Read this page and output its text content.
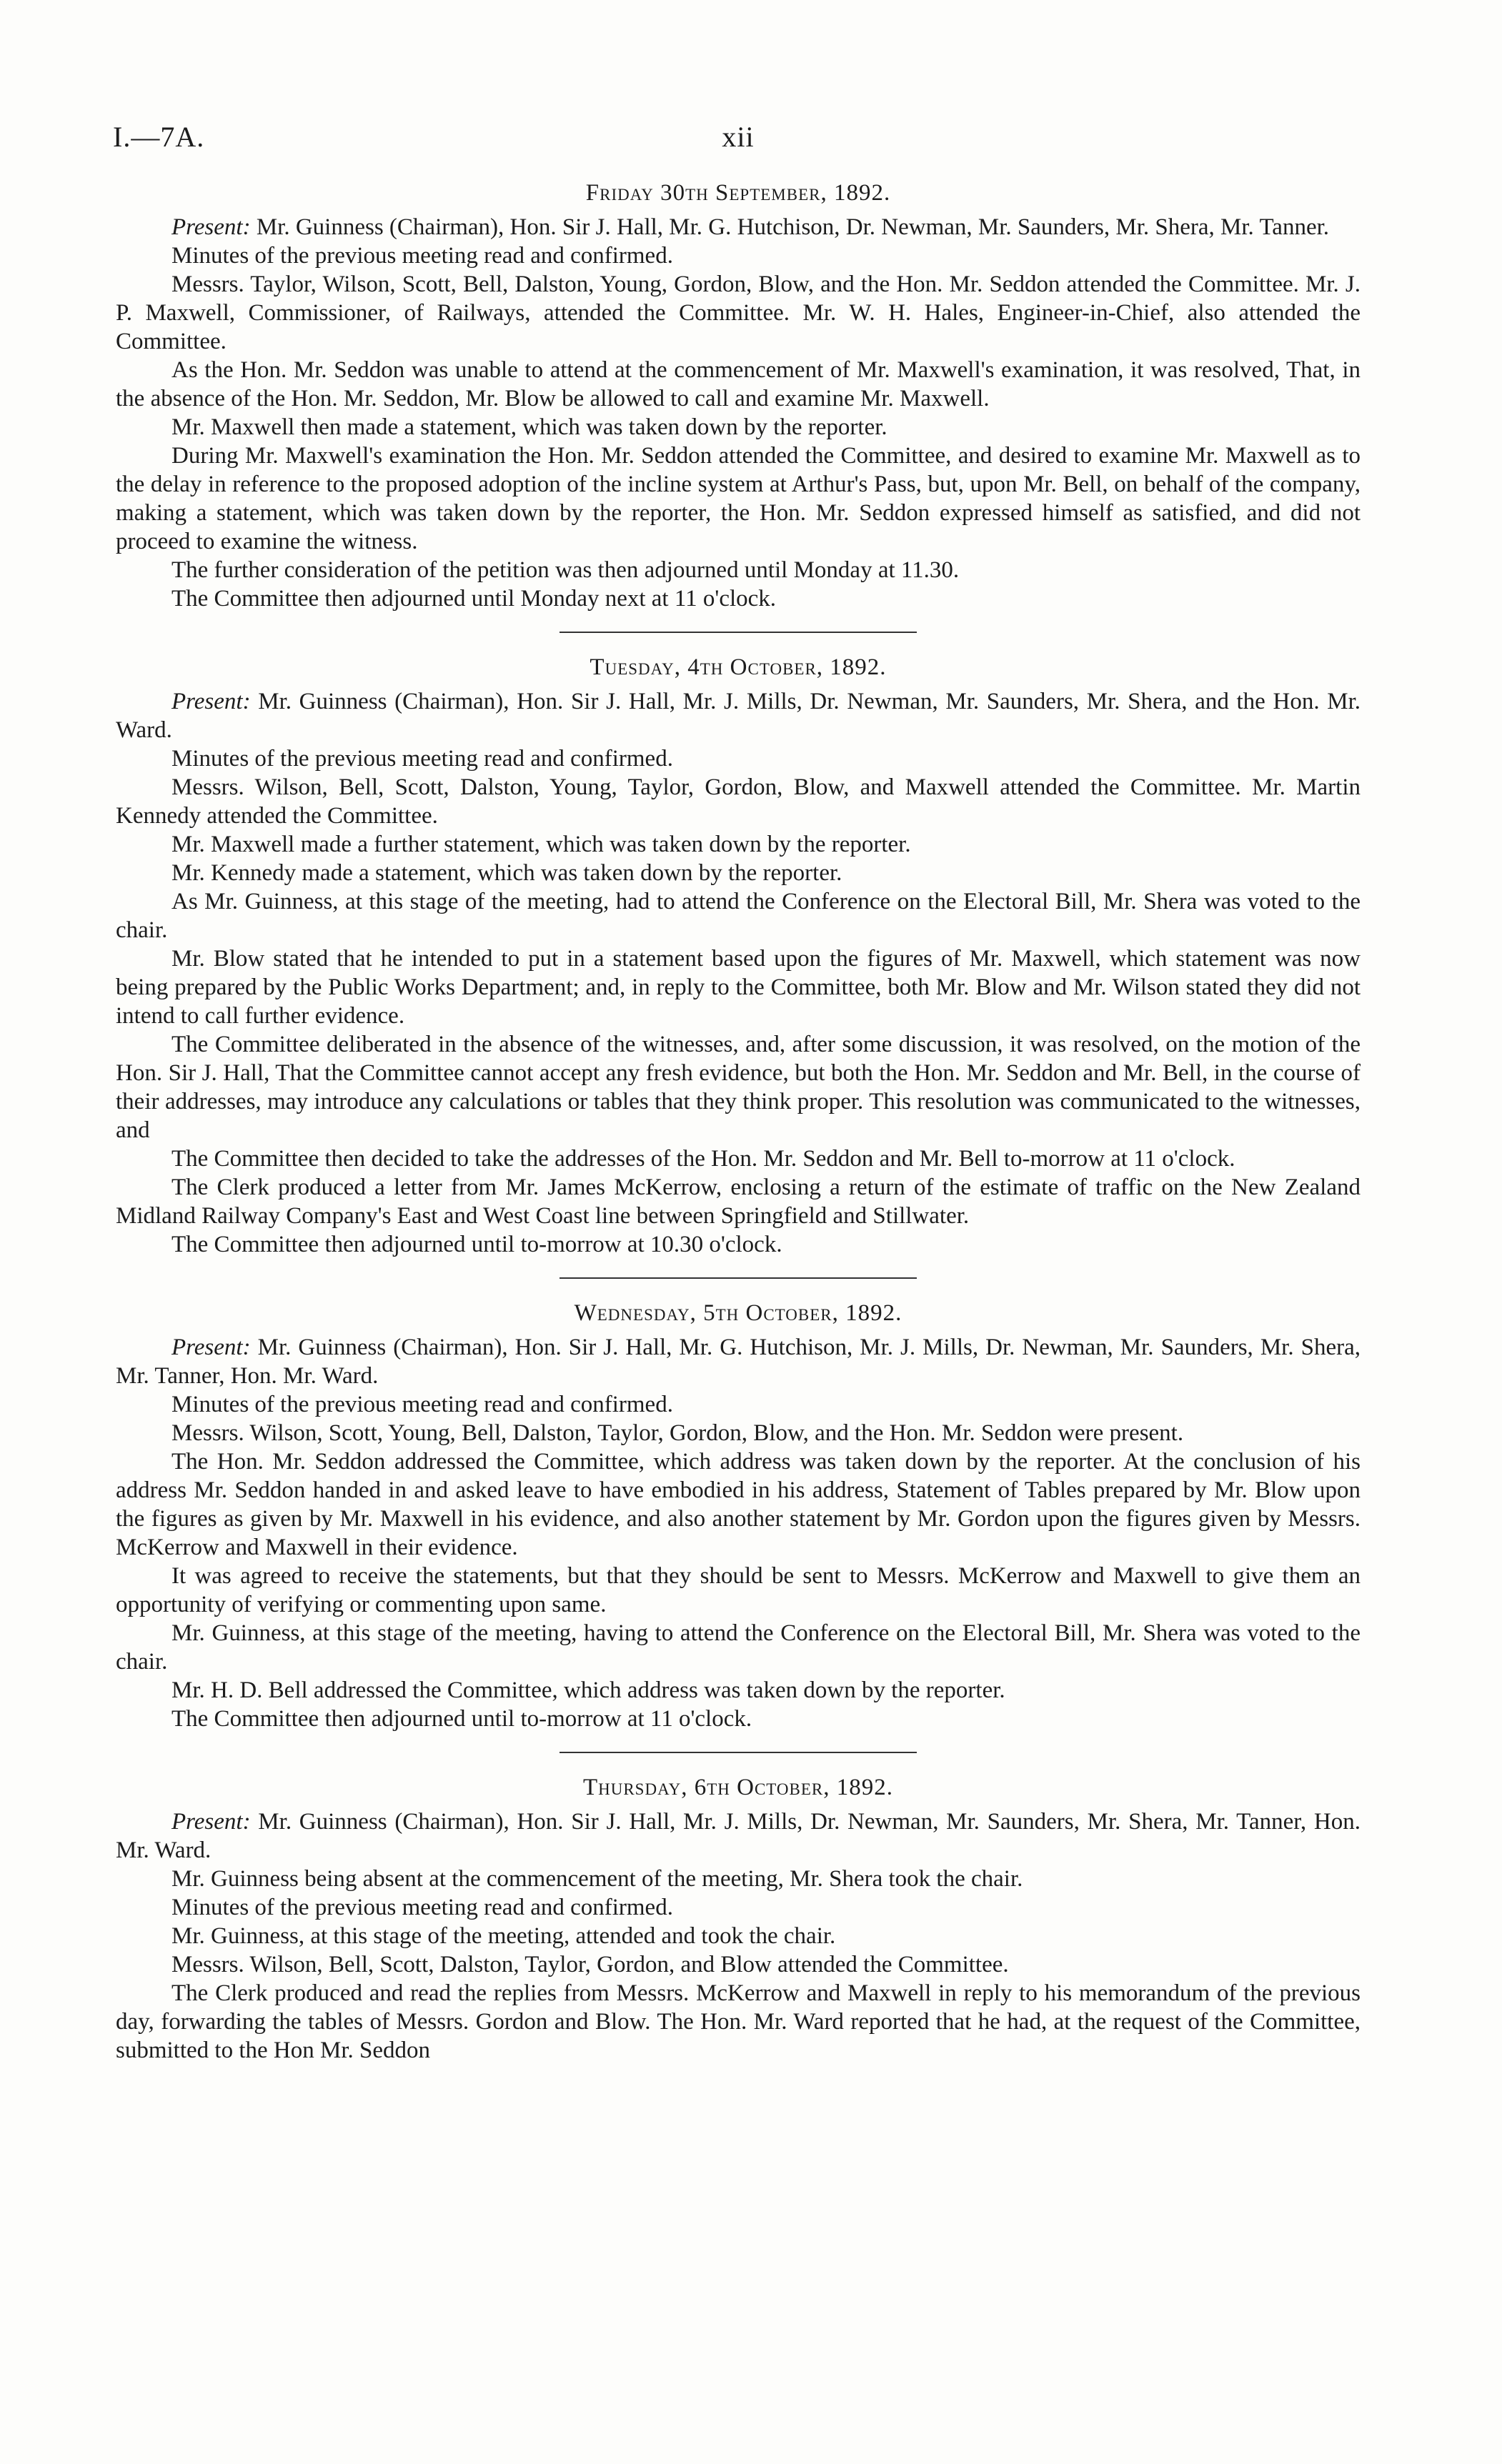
I.—7A.	xii
Friday 30th September, 1892.

Present: Mr. Guinness (Chairman), Hon. Sir J. Hall, Mr. G. Hutchison, Dr. Newman, Mr. Saunders, Mr. Shera, Mr. Tanner.

Minutes of the previous meeting read and confirmed.

Messrs. Taylor, Wilson, Scott, Bell, Dalston, Young, Gordon, Blow, and the Hon. Mr. Seddon attended the Committee. Mr. J. P. Maxwell, Commissioner, of Railways, attended the Committee. Mr. W. H. Hales, Engineer-in-Chief, also attended the Committee.

As the Hon. Mr. Seddon was unable to attend at the commencement of Mr. Maxwell's examination, it was resolved, That, in the absence of the Hon. Mr. Seddon, Mr. Blow be allowed to call and examine Mr. Maxwell.

Mr. Maxwell then made a statement, which was taken down by the reporter.

During Mr. Maxwell's examination the Hon. Mr. Seddon attended the Committee, and desired to examine Mr. Maxwell as to the delay in reference to the proposed adoption of the incline system at Arthur's Pass, but, upon Mr. Bell, on behalf of the company, making a statement, which was taken down by the reporter, the Hon. Mr. Seddon expressed himself as satisfied, and did not proceed to examine the witness.

The further consideration of the petition was then adjourned until Monday at 11.30.

The Committee then adjourned until Monday next at 11 o'clock.

Tuesday, 4th October, 1892.

Present: Mr. Guinness (Chairman), Hon. Sir J. Hall, Mr. J. Mills, Dr. Newman, Mr. Saunders, Mr. Shera, and the Hon. Mr. Ward.

Minutes of the previous meeting read and confirmed.

Messrs. Wilson, Bell, Scott, Dalston, Young, Taylor, Gordon, Blow, and Maxwell attended the Committee. Mr. Martin Kennedy attended the Committee.

Mr. Maxwell made a further statement, which was taken down by the reporter.

Mr. Kennedy made a statement, which was taken down by the reporter.

As Mr. Guinness, at this stage of the meeting, had to attend the Conference on the Electoral Bill, Mr. Shera was voted to the chair.

Mr. Blow stated that he intended to put in a statement based upon the figures of Mr. Maxwell, which statement was now being prepared by the Public Works Department; and, in reply to the Committee, both Mr. Blow and Mr. Wilson stated they did not intend to call further evidence.

The Committee deliberated in the absence of the witnesses, and, after some discussion, it was resolved, on the motion of the Hon. Sir J. Hall, That the Committee cannot accept any fresh evidence, but both the Hon. Mr. Seddon and Mr. Bell, in the course of their addresses, may introduce any calculations or tables that they think proper. This resolution was communicated to the witnesses, and

The Committee then decided to take the addresses of the Hon. Mr. Seddon and Mr. Bell to-morrow at 11 o'clock.

The Clerk produced a letter from Mr. James McKerrow, enclosing a return of the estimate of traffic on the New Zealand Midland Railway Company's East and West Coast line between Springfield and Stillwater.

The Committee then adjourned until to-morrow at 10.30 o'clock.

Wednesday, 5th October, 1892.

Present: Mr. Guinness (Chairman), Hon. Sir J. Hall, Mr. G. Hutchison, Mr. J. Mills, Dr. Newman, Mr. Saunders, Mr. Shera, Mr. Tanner, Hon. Mr. Ward.

Minutes of the previous meeting read and confirmed.

Messrs. Wilson, Scott, Young, Bell, Dalston, Taylor, Gordon, Blow, and the Hon. Mr. Seddon were present.

The Hon. Mr. Seddon addressed the Committee, which address was taken down by the reporter. At the conclusion of his address Mr. Seddon handed in and asked leave to have embodied in his address, Statement of Tables prepared by Mr. Blow upon the figures as given by Mr. Maxwell in his evidence, and also another statement by Mr. Gordon upon the figures given by Messrs. McKerrow and Maxwell in their evidence.

It was agreed to receive the statements, but that they should be sent to Messrs. McKerrow and Maxwell to give them an opportunity of verifying or commenting upon same.

Mr. Guinness, at this stage of the meeting, having to attend the Conference on the Electoral Bill, Mr. Shera was voted to the chair.

Mr. H. D. Bell addressed the Committee, which address was taken down by the reporter.

The Committee then adjourned until to-morrow at 11 o'clock.

Thursday, 6th October, 1892.

Present: Mr. Guinness (Chairman), Hon. Sir J. Hall, Mr. J. Mills, Dr. Newman, Mr. Saunders, Mr. Shera, Mr. Tanner, Hon. Mr. Ward.

Mr. Guinness being absent at the commencement of the meeting, Mr. Shera took the chair.

Minutes of the previous meeting read and confirmed.

Mr. Guinness, at this stage of the meeting, attended and took the chair.

Messrs. Wilson, Bell, Scott, Dalston, Taylor, Gordon, and Blow attended the Committee.

The Clerk produced and read the replies from Messrs. McKerrow and Maxwell in reply to his memorandum of the previous day, forwarding the tables of Messrs. Gordon and Blow. The Hon. Mr. Ward reported that he had, at the request of the Committee, submitted to the Hon Mr. Seddon
